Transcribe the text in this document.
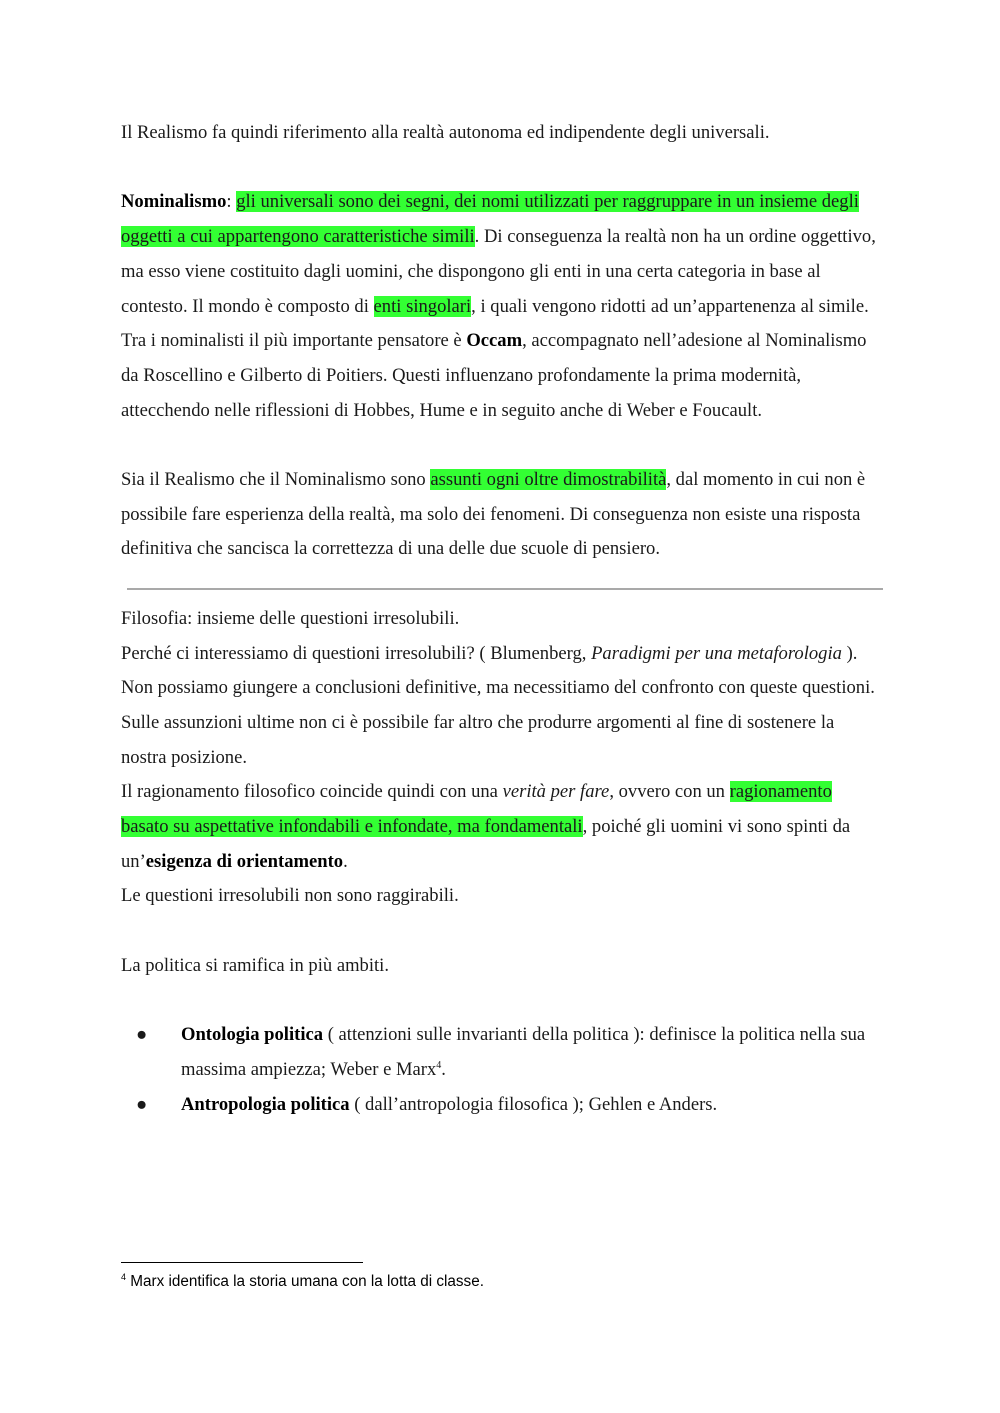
Il Realismo fa quindi riferimento alla realtà autonoma ed indipendente degli universali.

Nominalismo: gli universali sono dei segni, dei nomi utilizzati per raggruppare in un insieme degli oggetti a cui appartengono caratteristiche simili. Di conseguenza la realtà non ha un ordine oggettivo, ma esso viene costituito dagli uomini, che dispongono gli enti in una certa categoria in base al contesto. Il mondo è composto di enti singolari, i quali vengono ridotti ad un’appartenenza al simile.

Tra i nominalisti il più importante pensatore è Occam, accompagnato nell’adesione al Nominalismo da Roscellino e Gilberto di Poitiers. Questi influenzano profondamente la prima modernità, attecchendo nelle riflessioni di Hobbes, Hume e in seguito anche di Weber e Foucault.

Sia il Realismo che il Nominalismo sono assunti ogni oltre dimostrabilità, dal momento in cui non è possibile fare esperienza della realtà, ma solo dei fenomeni. Di conseguenza non esiste una risposta definitiva che sancisca la correttezza di una delle due scuole di pensiero.

Filosofia: insieme delle questioni irresolubili.

Perché ci interessiamo di questioni irresolubili? ( Blumenberg, Paradigmi per una metaforologia ).

Non possiamo giungere a conclusioni definitive, ma necessitiamo del confronto con queste questioni. Sulle assunzioni ultime non ci è possibile far altro che produrre argomenti al fine di sostenere la nostra posizione.

Il ragionamento filosofico coincide quindi con una verità per fare, ovvero con un ragionamento basato su aspettative infondabili e infondate, ma fondamentali, poiché gli uomini vi sono spinti da un’esigenza di orientamento.

Le questioni irresolubili non sono raggirabili.

La politica si ramifica in più ambiti.

● Ontologia politica ( attenzioni sulle invarianti della politica ): definisce la politica nella sua massima ampiezza; Weber e Marx$^4$.
● Antropologia politica ( dall’antropologia filosofica ); Gehlen e Anders.
$^4$ Marx identifica la storia umana con la lotta di classe.
